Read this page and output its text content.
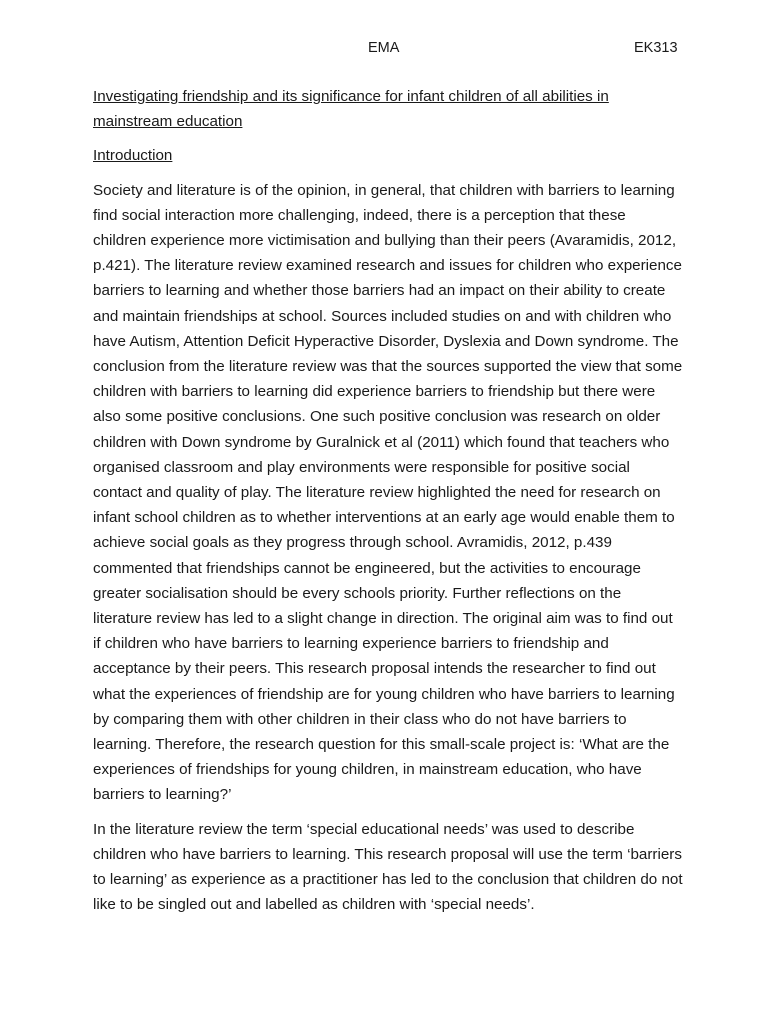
EMA	EK313
Investigating friendship and its significance for infant children of all abilities in mainstream education
Introduction

Society and literature is of the opinion, in general, that children with barriers to learning find social interaction more challenging, indeed, there is a perception that these children experience more victimisation and bullying than their peers (Avaramidis, 2012, p.421). The literature review examined research and issues for children who experience barriers to learning and whether those barriers had an impact on their ability to create and maintain friendships at school. Sources included studies on and with children who have Autism, Attention Deficit Hyperactive Disorder, Dyslexia and Down syndrome. The conclusion from the literature review was that the sources supported the view that some children with barriers to learning did experience barriers to friendship but there were also some positive conclusions. One such positive conclusion was research on older children with Down syndrome by Guralnick et al (2011) which found that teachers who organised classroom and play environments were responsible for positive social contact and quality of play. The literature review highlighted the need for research on infant school children as to whether interventions at an early age would enable them to achieve social goals as they progress through school. Avramidis, 2012, p.439 commented that friendships cannot be engineered, but the activities to encourage greater socialisation should be every schools priority. Further reflections on the literature review has led to a slight change in direction. The original aim was to find out if children who have barriers to learning experience barriers to friendship and acceptance by their peers. This research proposal intends the researcher to find out what the experiences of friendship are for young children who have barriers to learning by comparing them with other children in their class who do not have barriers to learning. Therefore, the research question for this small-scale project is: ‘What are the experiences of friendships for young children, in mainstream education, who have barriers to learning?’

In the literature review the term ‘special educational needs’ was used to describe children who have barriers to learning. This research proposal will use the term ‘barriers to learning’ as experience as a practitioner has led to the conclusion that children do not like to be singled out and labelled as children with ‘special needs’.
